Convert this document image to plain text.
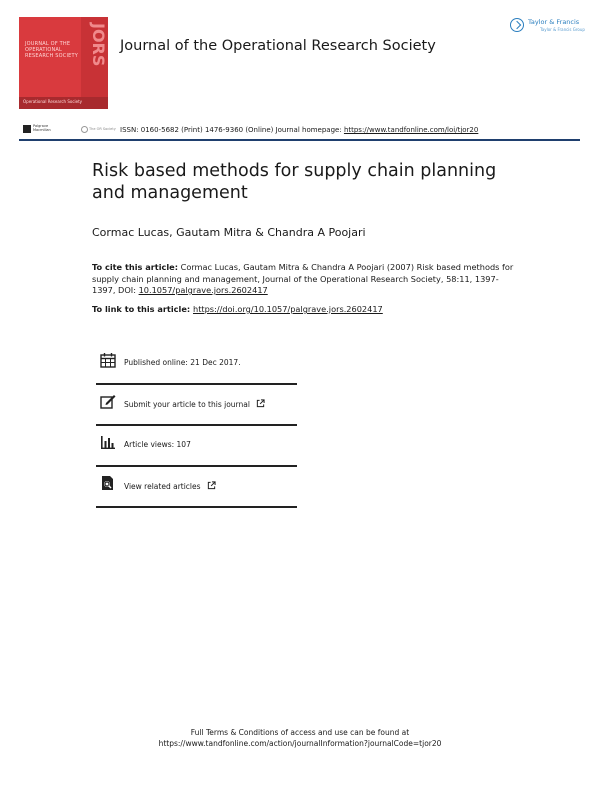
JOURNAL OF THE OPERATIONAL RESEARCH SOCIETY JORS
Operational Research Society
Journal of the Operational Research Society
Taylor & Francis
Taylor & Francis Group
Palgrave Macmillan	The OR Society ISSN: 0160-5682 (Print) 1476-9360 (Online) Journal homepage: https://www.tandfonline.com/loi/tjor20
Risk based methods for supply chain planning and management
Cormac Lucas, Gautam Mitra & Chandra A Poojari
To cite this article: Cormac Lucas, Gautam Mitra & Chandra A Poojari (2007) Risk based methods for supply chain planning and management, Journal of the Operational Research Society, 58:11, 1397-1397, DOI: 10.1057/palgrave.jors.2602417
To link to this article: https://doi.org/10.1057/palgrave.jors.2602417
Published online: 21 Dec 2017.
Submit your article to this journal
Article views: 107
View related articles
Full Terms & Conditions of access and use can be found at
https://www.tandfonline.com/action/journalInformation?journalCode=tjor20
